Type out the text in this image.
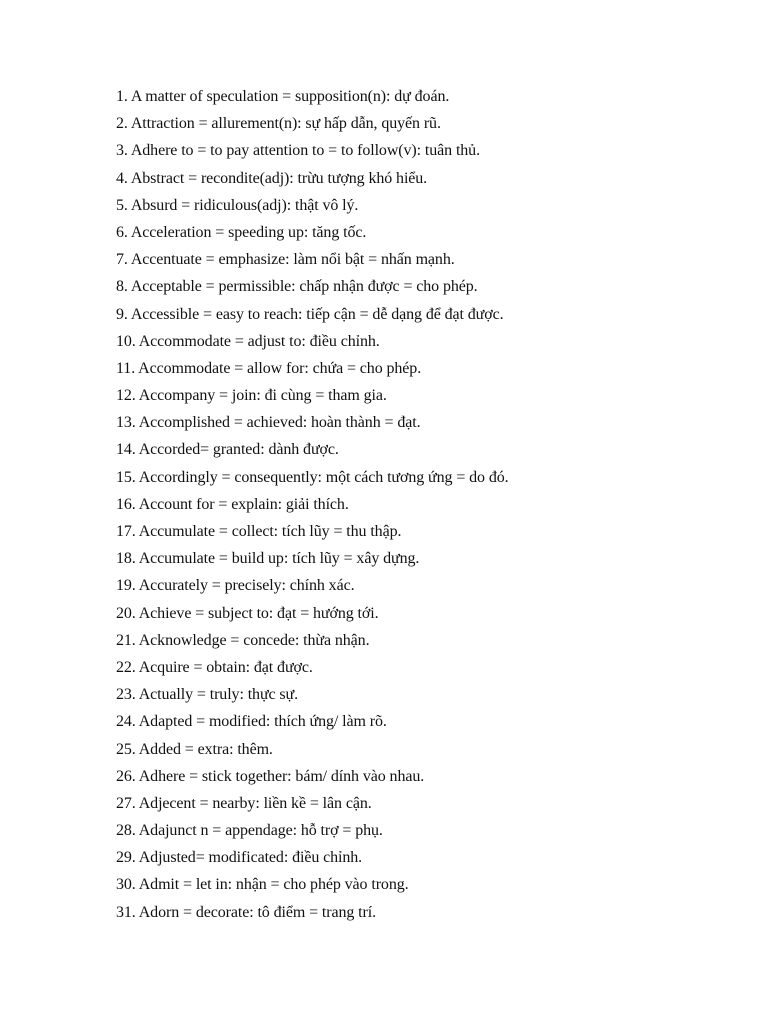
1. A matter of speculation = supposition(n): dự đoán.
2. Attraction = allurement(n): sự hấp dẫn, quyến rũ.
3. Adhere to = to pay attention to = to follow(v): tuân thủ.
4. Abstract = recondite(adj): trừu tượng khó hiểu.
5. Absurd = ridiculous(adj): thật vô lý.
6. Acceleration = speeding up: tăng tốc.
7. Accentuate = emphasize: làm nổi bật = nhấn mạnh.
8. Acceptable = permissible: chấp nhận được = cho phép.
9. Accessible = easy to reach: tiếp cận = dễ dạng để đạt được.
10. Accommodate = adjust to: điều chỉnh.
11. Accommodate = allow for: chứa = cho phép.
12. Accompany = join: đi cùng = tham gia.
13. Accomplished = achieved: hoàn thành = đạt.
14. Accorded= granted: dành được.
15. Accordingly = consequently: một cách tương ứng = do đó.
16. Account for = explain: giải thích.
17. Accumulate = collect: tích lũy = thu thập.
18. Accumulate = build up: tích lũy = xây dựng.
19. Accurately = precisely: chính xác.
20. Achieve = subject to: đạt = hướng tới.
21. Acknowledge = concede: thừa nhận.
22. Acquire = obtain: đạt được.
23. Actually = truly: thực sự.
24. Adapted = modified: thích ứng/ làm rõ.
25. Added = extra: thêm.
26. Adhere = stick together: bám/ dính vào nhau.
27. Adjecent = nearby: liền kề = lân cận.
28. Adajunct n = appendage: hỗ trợ = phụ.
29. Adjusted= modificated: điều chỉnh.
30. Admit = let in: nhận = cho phép vào trong.
31. Adorn = decorate: tô điểm = trang trí.
